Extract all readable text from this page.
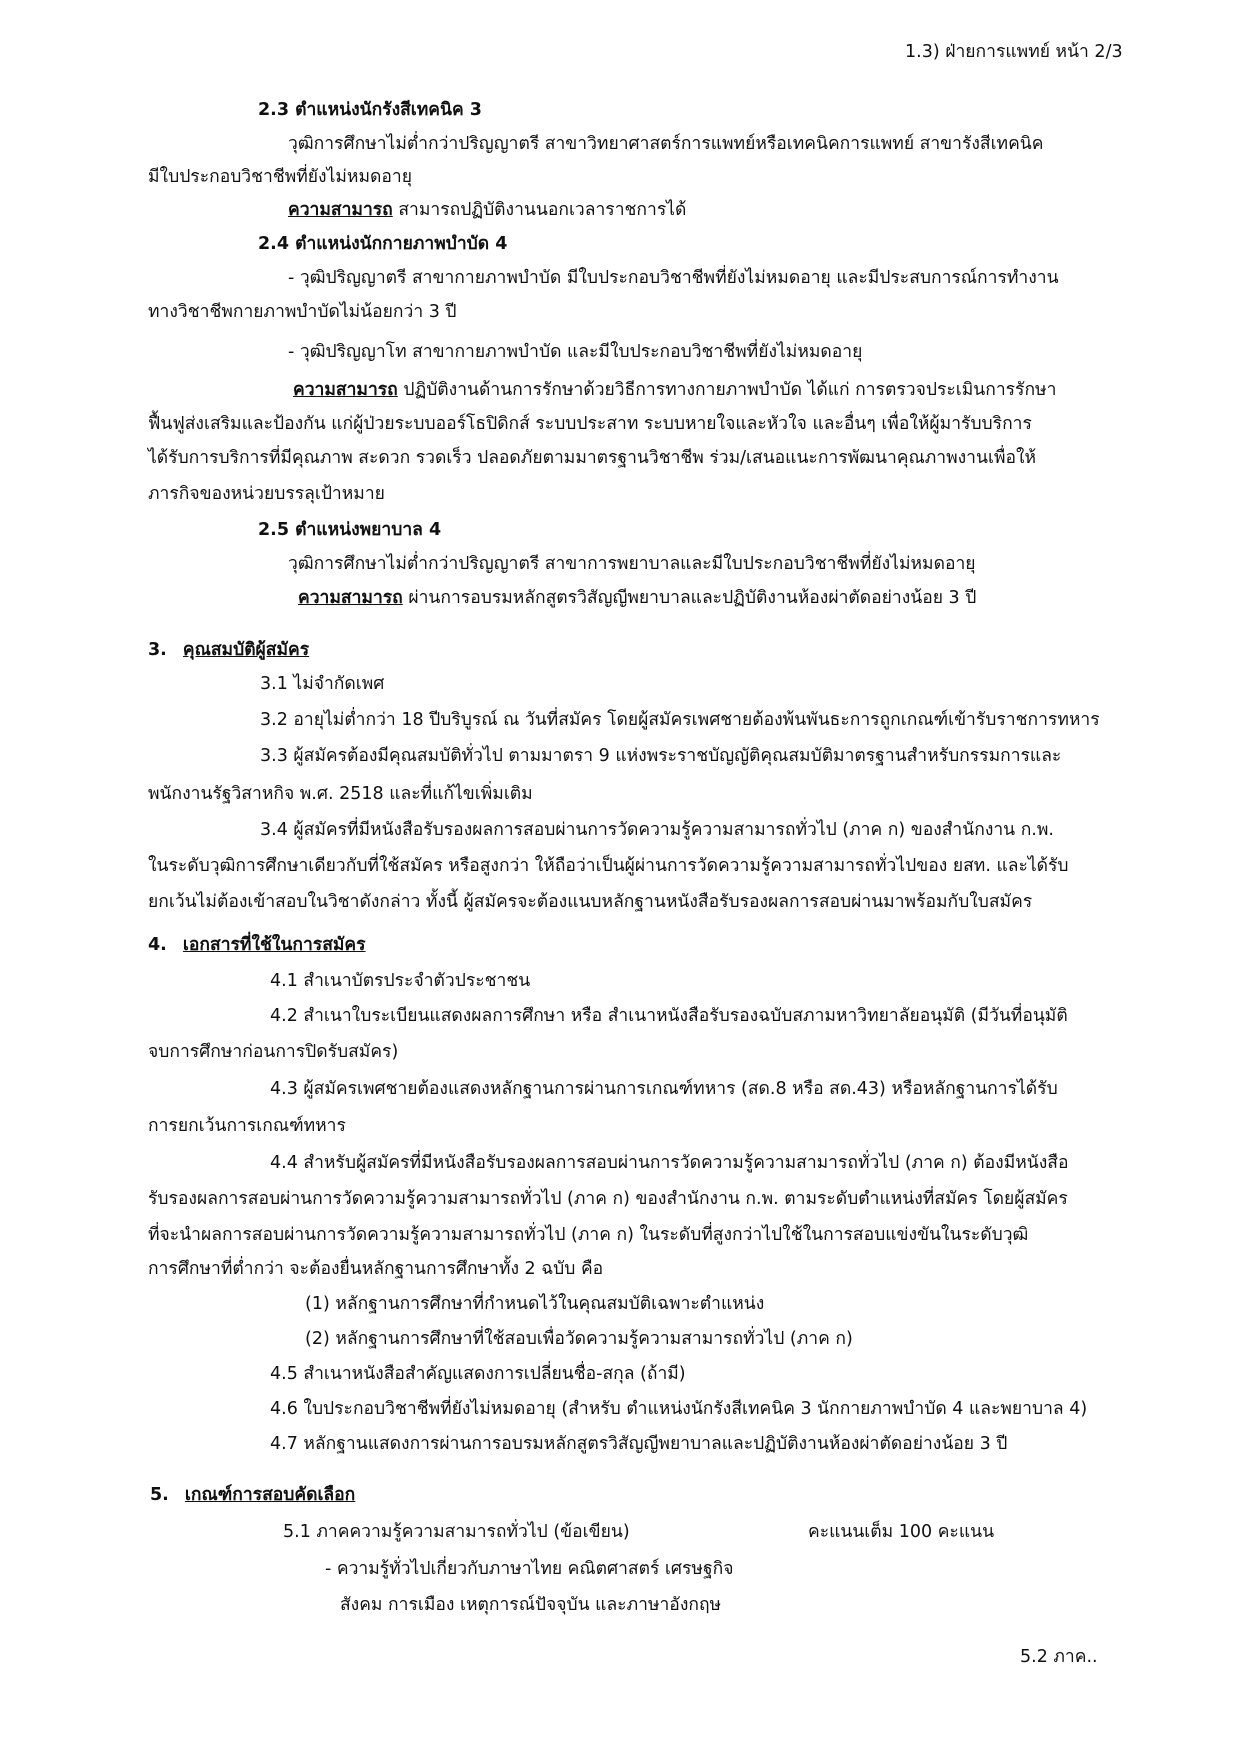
1.3) ฝ่ายการแพทย์ หน้า 2/3
2.3 ตำแหน่งนักรังสีเทคนิค 3
วุฒิการศึกษาไม่ต่ำกว่าปริญญาตรี สาขาวิทยาศาสตร์การแพทย์หรือเทคนิคการแพทย์ สาขารังสีเทคนิค
มีใบประกอบวิชาชีพที่ยังไม่หมดอายุ
ความสามารถ สามารถปฏิบัติงานนอกเวลาราชการได้
2.4 ตำแหน่งนักกายภาพบำบัด 4
- วุฒิปริญญาตรี สาขากายภาพบำบัด มีใบประกอบวิชาชีพที่ยังไม่หมดอายุ และมีประสบการณ์การทำงาน
ทางวิชาชีพกายภาพบำบัดไม่น้อยกว่า 3 ปี
- วุฒิปริญญาโท สาขากายภาพบำบัด และมีใบประกอบวิชาชีพที่ยังไม่หมดอายุ
ความสามารถ ปฏิบัติงานด้านการรักษาด้วยวิธีการทางกายภาพบำบัด ได้แก่ การตรวจประเมินการรักษา
ฟื้นฟูส่งเสริมและป้องกัน แก่ผู้ป่วยระบบออร์โธปิดิกส์ ระบบประสาท ระบบหายใจและหัวใจ และอื่นๆ เพื่อให้ผู้มารับบริการ
ได้รับการบริการที่มีคุณภาพ สะดวก รวดเร็ว ปลอดภัยตามมาตรฐานวิชาชีพ ร่วม/เสนอแนะการพัฒนาคุณภาพงานเพื่อให้
ภารกิจของหน่วยบรรลุเป้าหมาย
2.5 ตำแหน่งพยาบาล 4
วุฒิการศึกษาไม่ต่ำกว่าปริญญาตรี สาขาการพยาบาลและมีใบประกอบวิชาชีพที่ยังไม่หมดอายุ
ความสามารถ ผ่านการอบรมหลักสูตรวิสัญญีพยาบาลและปฏิบัติงานห้องผ่าตัดอย่างน้อย 3 ปี
3. คุณสมบัติผู้สมัคร
3.1 ไม่จำกัดเพศ
3.2 อายุไม่ต่ำกว่า 18 ปีบริบูรณ์ ณ วันที่สมัคร โดยผู้สมัครเพศชายต้องพ้นพันธะการถูกเกณฑ์เข้ารับราชการทหาร
3.3 ผู้สมัครต้องมีคุณสมบัติทั่วไป ตามมาตรา 9 แห่งพระราชบัญญัติคุณสมบัติมาตรฐานสำหรับกรรมการและ
พนักงานรัฐวิสาหกิจ พ.ศ. 2518 และที่แก้ไขเพิ่มเติม
3.4 ผู้สมัครที่มีหนังสือรับรองผลการสอบผ่านการวัดความรู้ความสามารถทั่วไป (ภาค ก) ของสำนักงาน ก.พ.
ในระดับวุฒิการศึกษาเดียวกับที่ใช้สมัคร หรือสูงกว่า ให้ถือว่าเป็นผู้ผ่านการวัดความรู้ความสามารถทั่วไปของ ยสท. และได้รับ
ยกเว้นไม่ต้องเข้าสอบในวิชาดังกล่าว ทั้งนี้ ผู้สมัครจะต้องแนบหลักฐานหนังสือรับรองผลการสอบผ่านมาพร้อมกับใบสมัคร
4. เอกสารที่ใช้ในการสมัคร
4.1 สำเนาบัตรประจำตัวประชาชน
4.2 สำเนาใบระเบียนแสดงผลการศึกษา หรือ สำเนาหนังสือรับรองฉบับสภามหาวิทยาลัยอนุมัติ (มีวันที่อนุมัติ
จบการศึกษาก่อนการปิดรับสมัคร)
4.3 ผู้สมัครเพศชายต้องแสดงหลักฐานการผ่านการเกณฑ์ทหาร (สด.8 หรือ สด.43) หรือหลักฐานการได้รับ
การยกเว้นการเกณฑ์ทหาร
4.4 สำหรับผู้สมัครที่มีหนังสือรับรองผลการสอบผ่านการวัดความรู้ความสามารถทั่วไป (ภาค ก) ต้องมีหนังสือ
รับรองผลการสอบผ่านการวัดความรู้ความสามารถทั่วไป (ภาค ก) ของสำนักงาน ก.พ. ตามระดับตำแหน่งที่สมัคร โดยผู้สมัคร
ที่จะนำผลการสอบผ่านการวัดความรู้ความสามารถทั่วไป (ภาค ก) ในระดับที่สูงกว่าไปใช้ในการสอบแข่งขันในระดับวุฒิ
การศึกษาที่ต่ำกว่า จะต้องยื่นหลักฐานการศึกษาทั้ง 2 ฉบับ คือ
(1) หลักฐานการศึกษาที่กำหนดไว้ในคุณสมบัติเฉพาะตำแหน่ง
(2) หลักฐานการศึกษาที่ใช้สอบเพื่อวัดความรู้ความสามารถทั่วไป (ภาค ก)
4.5 สำเนาหนังสือสำคัญแสดงการเปลี่ยนชื่อ-สกุล (ถ้ามี)
4.6 ใบประกอบวิชาชีพที่ยังไม่หมดอายุ (สำหรับ ตำแหน่งนักรังสีเทคนิค 3 นักกายภาพบำบัด 4 และพยาบาล 4)
4.7 หลักฐานแสดงการผ่านการอบรมหลักสูตรวิสัญญีพยาบาลและปฏิบัติงานห้องผ่าตัดอย่างน้อย 3 ปี
5. เกณฑ์การสอบคัดเลือก
5.1 ภาคความรู้ความสามารถทั่วไป (ข้อเขียน)	คะแนนเต็ม 100 คะแนน
- ความรู้ทั่วไปเกี่ยวกับภาษาไทย คณิตศาสตร์ เศรษฐกิจ
สังคม การเมือง เหตุการณ์ปัจจุบัน และภาษาอังกฤษ
5.2 ภาค..
